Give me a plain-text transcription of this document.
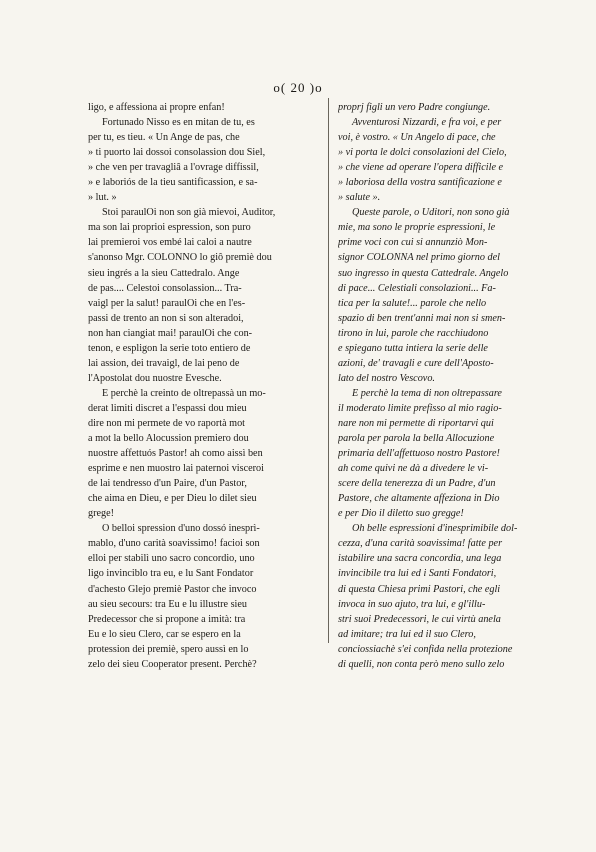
o( 20 )o
ligo, e affessiona ai propre enfan!
Fortunado Nisso es en mitan de tu, es
per tu, es tieu. « Un Ange de pas, che
» ti puorto lai dossoi consolassion dou Siel,
» che ven per travagliâ a l'ovrage diffissil,
» e laboriós de la tieu santificassion, e sa-
» lut. »
Stoi paraulOi non son già mievoi, Auditor,
ma son lai proprioi espression, son puro
lai premieroi vos embé lai caloi a nautre
s'anonso Mgr. COLONNO lo giô premiè dou
sieu ingrés a la sieu Cattedralo. Ange
de pas.... Celestoi consolassion... Tra-
vaigl per la salut! paraulOi che en l'es-
passi de trento an non si son alteradoi,
non han ciangiat mai! paraulOi che con-
tenon, e espligon la serie toto entiero de
lai assion, dei travaigl, de lai peno de
l'Apostolat dou nuostre Evesche.
E perchè la creinto de oltrepassà un mo-
derat limiti discret a l'espassi dou mieu
dire non mi permete de vo raportà mot
a mot la bello Alocussion premiero dou
nuostre affettuós Pastor! ah como aissì ben
esprime e nen muostro lai paternoi visceroi
de lai tendresso d'un Paire, d'un Pastor,
che aima en Dieu, e per Dieu lo dilet sieu
grege!
O belloi spression d'uno dossó inesprì-
mablo, d'uno carità soavissimo! facioi son
elloi per stabilì uno sacro concordio, uno
ligo invinciblo tra eu, e lu Sant Fondator
d'achesto Glejo premiè Pastor che invoco
au sieu secours: tra Eu e lu illustre sieu
Predecessor che si propone a imità: tra
Eu e lo sieu Clero, car se espero en la
protession dei premiè, spero aussì en lo
zelo dei sieu Cooperator present. Perchè?
proprj figli un vero Padre congiunge.
Avventurosi Nizzardi, e fra voi, e per
voi, è vostro. « Un Angelo di pace, che
» vi porta le dolci consolazioni del Cielo,
» che viene ad operare l'opera difficile e
» laboriosa della vostra santificazione e
» salute ».
Queste parole, o Uditori, non sono già
mie, ma sono le proprie espressioni, le
prime voci con cui si annunziò Mon-
signor COLONNA nel primo giorno del
suo ingresso in questa Cattedrale. Angelo
di pace... Celestiali consolazioni... Fa-
tica per la salute!... parole che nello
spazio di ben trent'anni mai non si smen-
tirono in lui, parole che racchiudono
e spiegano tutta intiera la serie delle
azioni, de' travagli e cure dell'Aposto-
lato del nostro Vescovo.
E perchè la tema di non oltrepassare
il moderato limite prefisso al mio ragio-
nare non mi permette di riportarvi qui
parola per parola la bella Allocuzione
primaria dell'affettuoso nostro Pastore!
ah come quivi ne dà a divedere le vi-
scere della tenerezza di un Padre, d'un
Pastore, che altamente affeziona in Dio
e per Dio il diletto suo gregge!
Oh belle espressioni d'inesprimibile dol-
cezza, d'una carità soavissima! fatte per
istabilire una sacra concordia, una lega
invincibile tra lui ed i Santi Fondatori,
di questa Chiesa primi Pastori, che egli
invoca in suo ajuto, tra lui, e gl'illu-
stri suoi Predecessori, le cui virtù anela
ad imitare; tra lui ed il suo Clero,
conciossiachè s'ei confida nella protezione
di quelli, non conta però meno sullo zelo
